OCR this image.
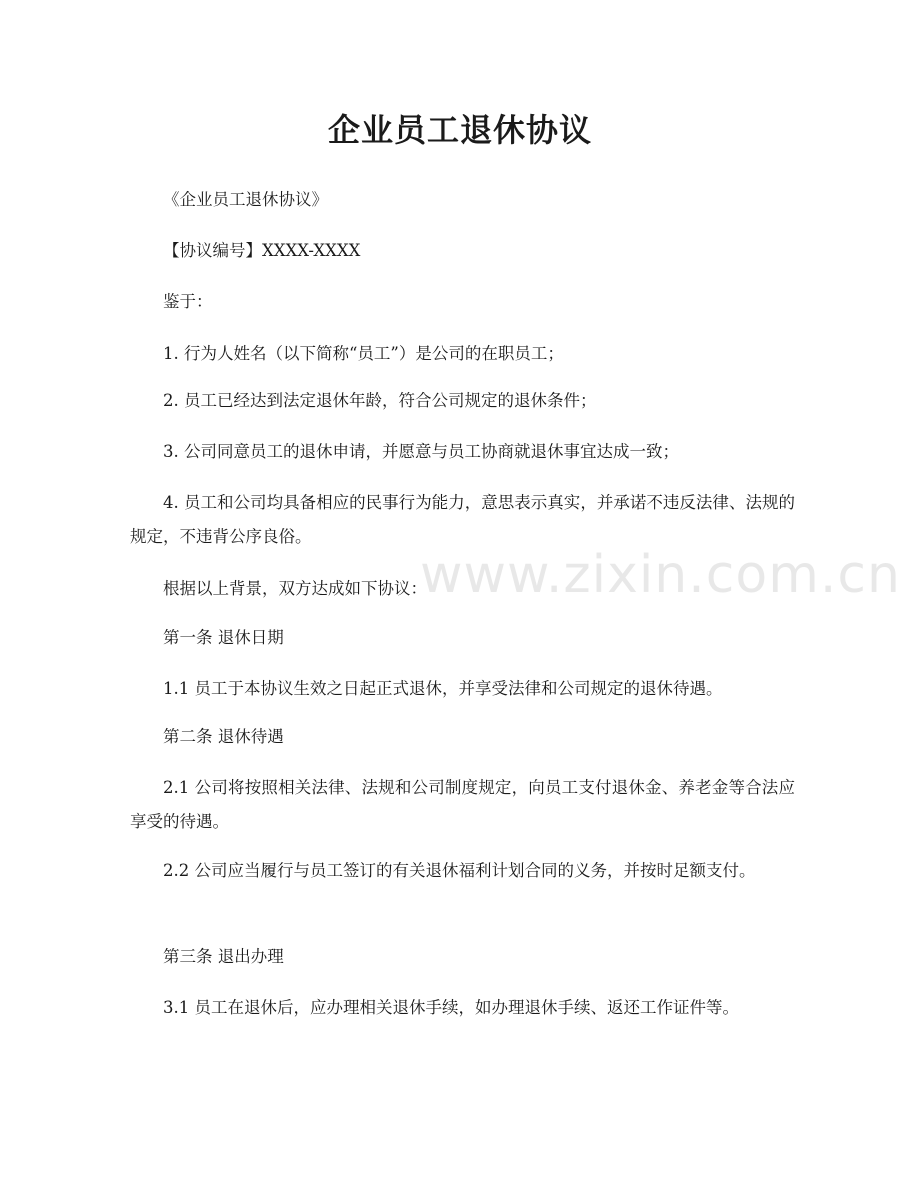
企业员工退休协议

《企业员工退休协议》

【协议编号】XXXX-XXXX

鉴于：

1. 行为人姓名（以下简称“员工”）是公司的在职员工；

2. 员工已经达到法定退休年龄，符合公司规定的退休条件；

3. 公司同意员工的退休申请，并愿意与员工协商就退休事宜达成一致；

4. 员工和公司均具备相应的民事行为能力，意思表示真实，并承诺不违反法律、法规的规定，不违背公序良俗。

根据以上背景，双方达成如下协议：

第一条 退休日期

1.1 员工于本协议生效之日起正式退休，并享受法律和公司规定的退休待遇。

第二条 退休待遇

2.1 公司将按照相关法律、法规和公司制度规定，向员工支付退休金、养老金等合法应享受的待遇。

2.2 公司应当履行与员工签订的有关退休福利计划合同的义务，并按时足额支付。

第三条 退出办理

3.1 员工在退休后，应办理相关退休手续，如办理退休手续、返还工作证件等。

www.zixin.com.cn
